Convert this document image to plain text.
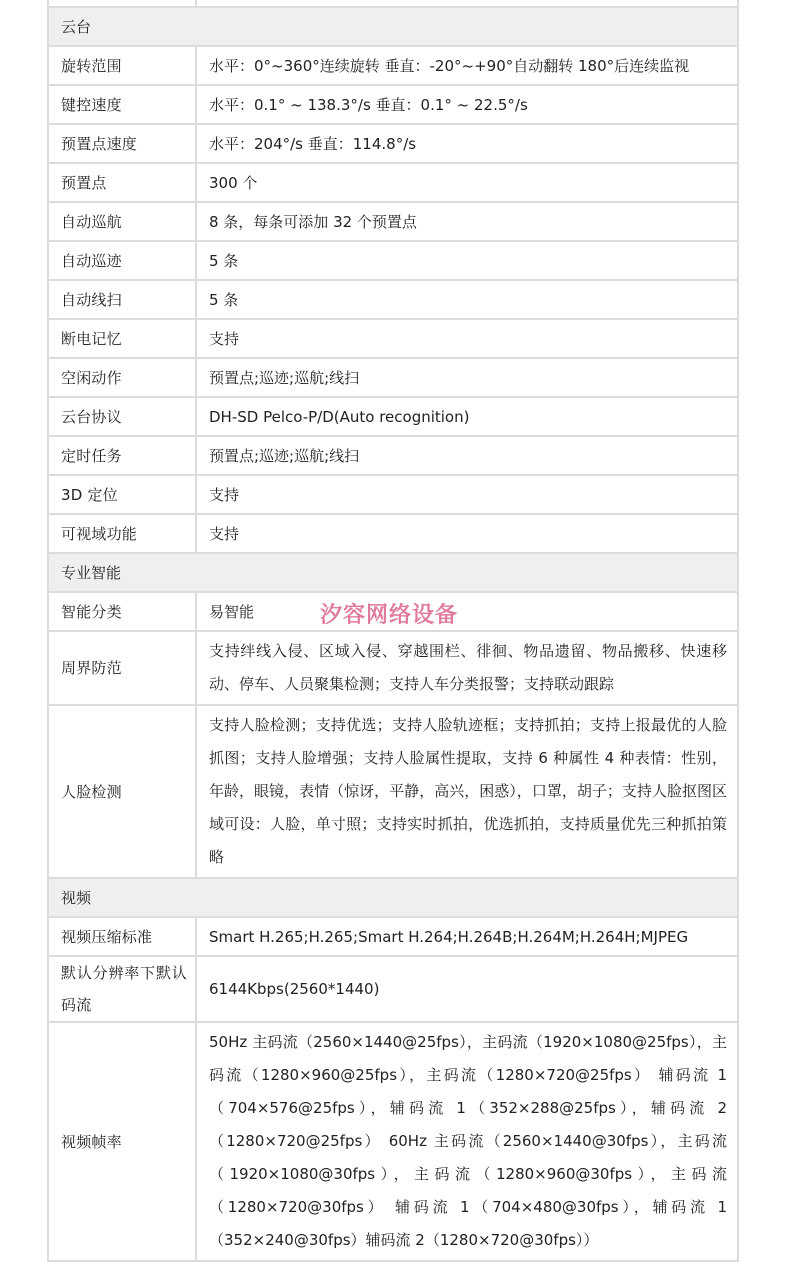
云台	
旋转范围	水平：0°~360°连续旋转 垂直：-20°~+90°自动翻转 180°后连续监视
键控速度	水平：0.1° ~ 138.3°/s 垂直：0.1° ~ 22.5°/s
预置点速度	水平：204°/s 垂直：114.8°/s
预置点	300 个
自动巡航	8 条，每条可添加 32 个预置点
自动巡迹	5 条
自动线扫	5 条
断电记忆	支持
空闲动作	预置点;巡迹;巡航;线扫
云台协议	DH-SD Pelco-P/D(Auto recognition)
定时任务	预置点;巡迹;巡航;线扫
3D 定位	支持
可视域功能	支持
专业智能	
智能分类	易智能
周界防范	支持绊线入侵、区域入侵、穿越围栏、徘徊、物品遗留、物品搬移、快速移动、停车、人员聚集检测；支持人车分类报警；支持联动跟踪
人脸检测	支持人脸检测；支持优选；支持人脸轨迹框；支持抓拍；支持上报最优的人脸抓图；支持人脸增强；支持人脸属性提取，支持 6 种属性 4 种表情：性别，年龄，眼镜，表情（惊讶，平静，高兴，困惑），口罩，胡子；支持人脸抠图区域可设：人脸，单寸照；支持实时抓拍，优选抓拍，支持质量优先三种抓拍策略
视频	
视频压缩标准	Smart H.265;H.265;Smart H.264;H.264B;H.264M;H.264H;MJPEG
默认分辨率下默认码流	6144Kbps(2560*1440)
视频帧率	50Hz 主码流（2560×1440@25fps），主码流（1920×1080@25fps），主码流（1280×960@25fps），主码流（1280×720@25fps） 辅码流 1（704×576@25fps），辅码流 1（352×288@25fps），辅码流 2（1280×720@25fps） 60Hz 主码流（2560×1440@30fps），主码流（1920×1080@30fps），主码流（1280×960@30fps），主码流（1280×720@30fps） 辅码流 1（704×480@30fps），辅码流 1（352×240@30fps）辅码流 2（1280×720@30fps））
汐容网络设备
